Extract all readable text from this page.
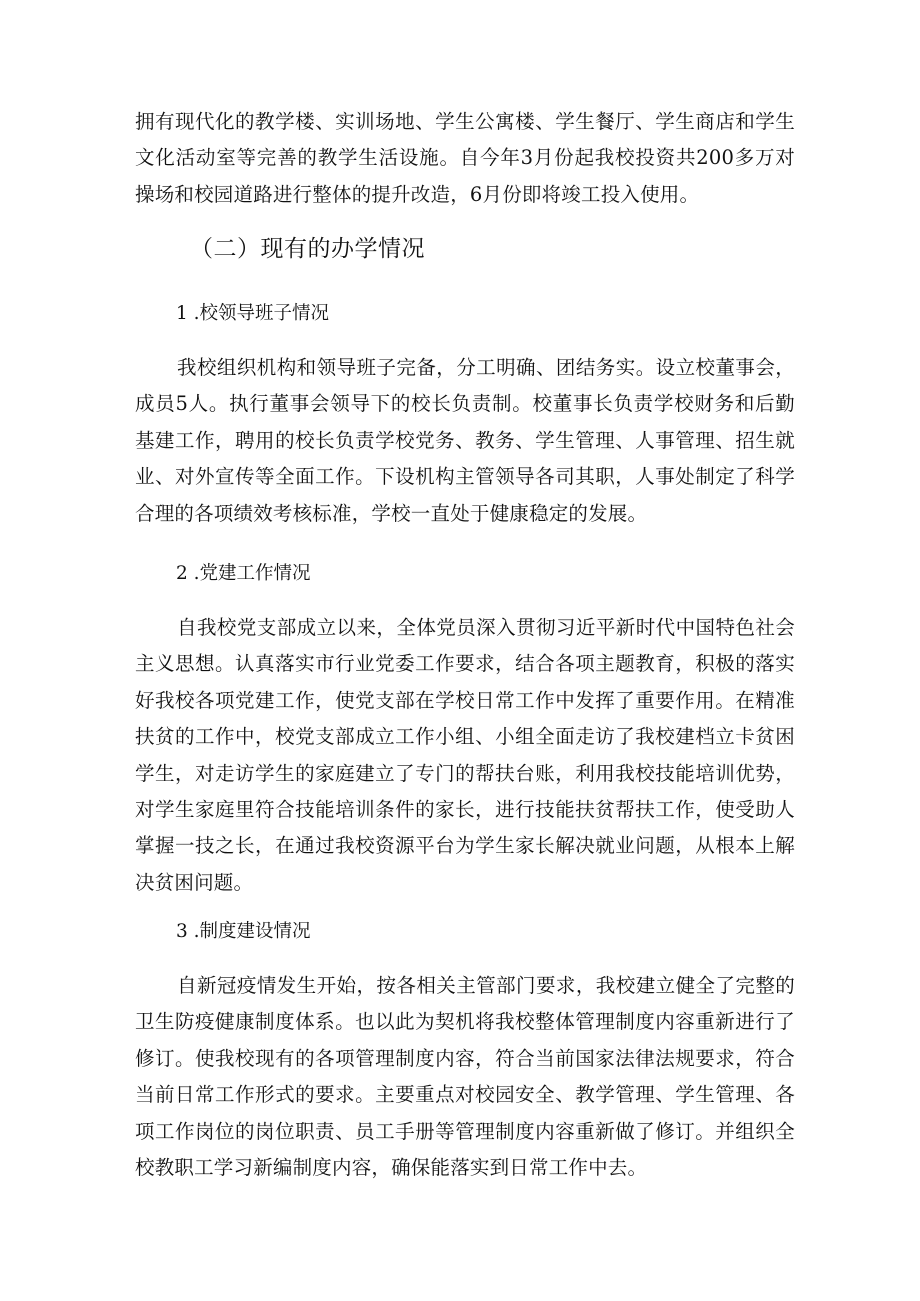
拥有现代化的教学楼、实训场地、学生公寓楼、学生餐厅、学生商店和学生文化活动室等完善的教学生活设施。自今年3月份起我校投资共200多万对操场和校园道路进行整体的提升改造，6月份即将竣工投入使用。

（二）现有的办学情况
1 .校领导班子情况

我校组织机构和领导班子完备，分工明确、团结务实。设立校董事会，成员5人。执行董事会领导下的校长负责制。校董事长负责学校财务和后勤基建工作，聘用的校长负责学校党务、教务、学生管理、人事管理、招生就业、对外宣传等全面工作。下设机构主管领导各司其职，人事处制定了科学合理的各项绩效考核标准，学校一直处于健康稳定的发展。

2 .党建工作情况

自我校党支部成立以来，全体党员深入贯彻习近平新时代中国特色社会主义思想。认真落实市行业党委工作要求，结合各项主题教育，积极的落实好我校各项党建工作，使党支部在学校日常工作中发挥了重要作用。在精准扶贫的工作中，校党支部成立工作小组、小组全面走访了我校建档立卡贫困学生，对走访学生的家庭建立了专门的帮扶台账，利用我校技能培训优势，对学生家庭里符合技能培训条件的家长，进行技能扶贫帮扶工作，使受助人掌握一技之长，在通过我校资源平台为学生家长解决就业问题，从根本上解决贫困问题。

3 .制度建设情况

自新冠疫情发生开始，按各相关主管部门要求，我校建立健全了完整的卫生防疫健康制度体系。也以此为契机将我校整体管理制度内容重新进行了修订。使我校现有的各项管理制度内容，符合当前国家法律法规要求，符合当前日常工作形式的要求。主要重点对校园安全、教学管理、学生管理、各项工作岗位的岗位职责、员工手册等管理制度内容重新做了修订。并组织全校教职工学习新编制度内容，确保能落实到日常工作中去。
